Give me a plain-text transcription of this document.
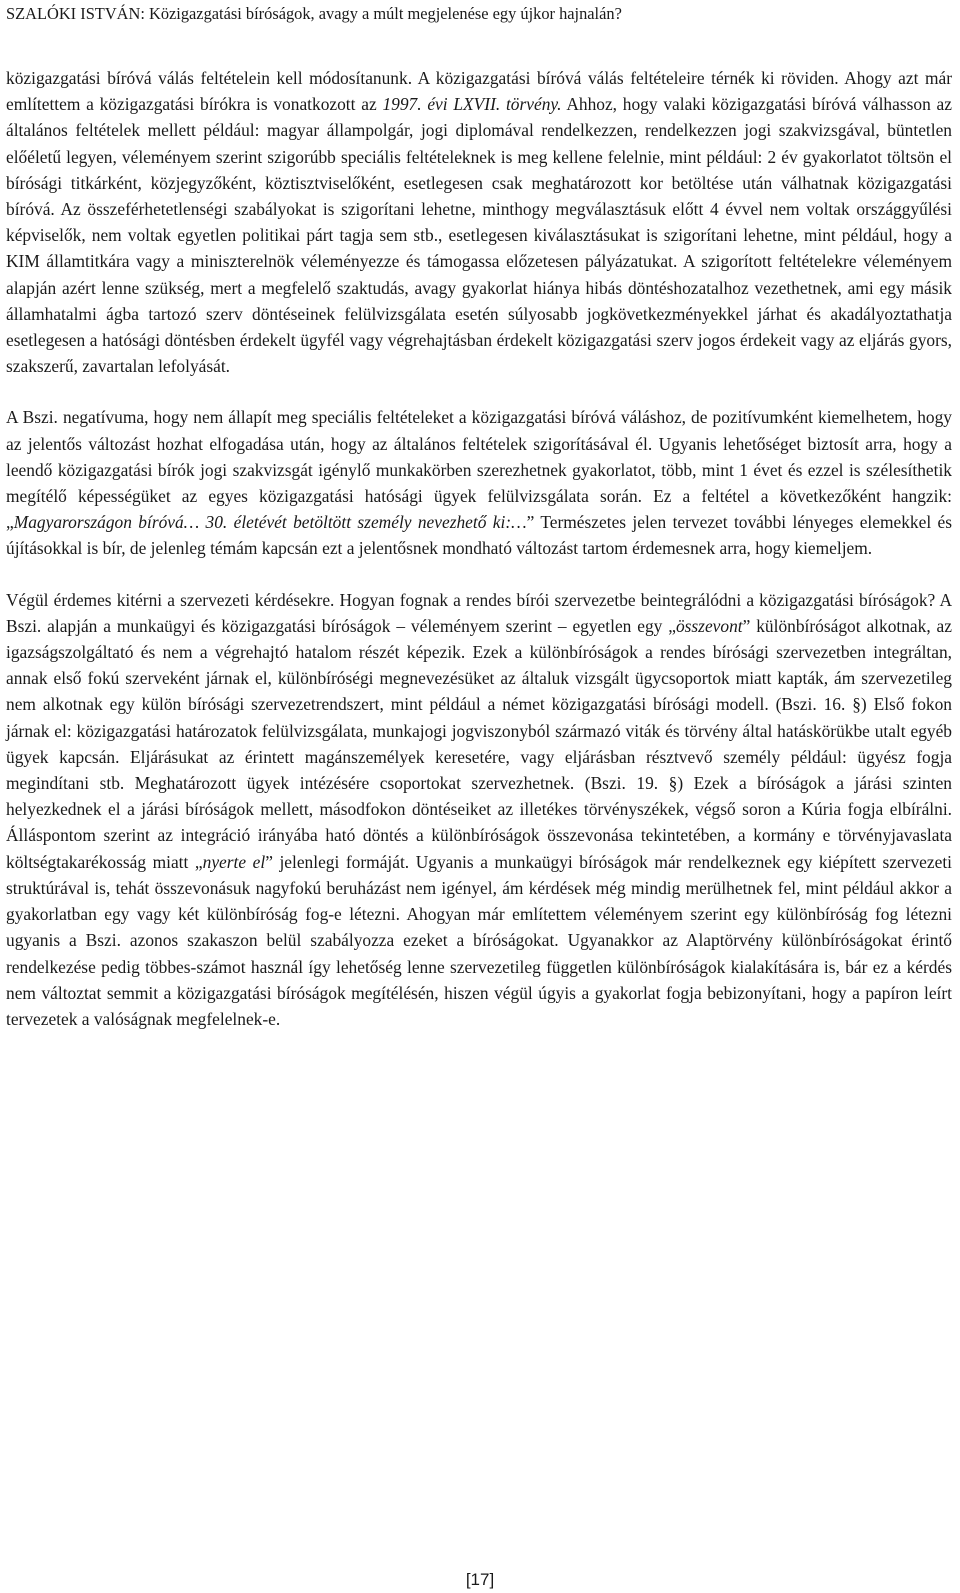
SZALÓKI ISTVÁN: Közigazgatási bíróságok, avagy a múlt megjelenése egy újkor hajnalán?

közigazgatási bíróvá válás feltételein kell módosítanunk. A közigazgatási bíróvá válás feltételeire térnék ki röviden. Ahogy azt már említettem a közigazgatási bírókra is vonatkozott az 1997. évi LXVII. törvény. Ahhoz, hogy valaki közigazgatási bíróvá válhasson az általános feltételek mellett például: magyar állampolgár, jogi diplomával rendelkezzen, rendelkezzen jogi szakvizsgával, büntetlen előéletű legyen, véleményem szerint szigorúbb speciális feltételeknek is meg kellene felelnie, mint például: 2 év gyakorlatot töltsön el bírósági titkárként, közjegyzőként, köztisztviselőként, esetlegesen csak meghatározott kor betöltése után válhatnak közigazgatási bíróvá. Az összeférhetetlenségi szabályokat is szigorítani lehetne, minthogy megválasztásuk előtt 4 évvel nem voltak országgyűlési képviselők, nem voltak egyetlen politikai párt tagja sem stb., esetlegesen kiválasztásukat is szigorítani lehetne, mint például, hogy a KIM államtitkára vagy a miniszterelnök véleményezze és támogassa előzetesen pályázatukat. A szigorított feltételekre véleményem alapján azért lenne szükség, mert a megfelelő szaktudás, avagy gyakorlat hiánya hibás döntéshozatalhoz vezethetnek, ami egy másik államhatalmi ágba tartozó szerv döntéseinek felülvizsgálata esetén súlyosabb jogkövetkezményekkel járhat és akadályoztathatja esetlegesen a hatósági döntésben érdekelt ügyfél vagy végrehajtásban érdekelt közigazgatási szerv jogos érdekeit vagy az eljárás gyors, szakszerű, zavartalan lefolyását.

A Bszi. negatívuma, hogy nem állapít meg speciális feltételeket a közigazgatási bíróvá váláshoz, de pozitívumként kiemelhetem, hogy az jelentős változást hozhat elfogadása után, hogy az általános feltételek szigorításával él. Ugyanis lehetőséget biztosít arra, hogy a leendő közigazgatási bírók jogi szakvizsgát igénylő munkakörben szerezhetnek gyakorlatot, több, mint 1 évet és ezzel is szélesíthetik megítélő képességüket az egyes közigazgatási hatósági ügyek felülvizsgálata során. Ez a feltétel a következőként hangzik: „Magyarországon bíróvá… 30. életévét betöltött személy nevezhető ki:…” Természetes jelen tervezet további lényeges elemekkel és újításokkal is bír, de jelenleg témám kapcsán ezt a jelentősnek mondható változást tartom érdemesnek arra, hogy kiemeljem.

Végül érdemes kitérni a szervezeti kérdésekre. Hogyan fognak a rendes bírói szervezetbe beintegrálódni a közigazgatási bíróságok? A Bszi. alapján a munkaügyi és közigazgatási bíróságok – véleményem szerint – egyetlen egy „összevont” különbíróságot alkotnak, az igazságszolgáltató és nem a végrehajtó hatalom részét képezik. Ezek a különbíróságok a rendes bírósági szervezetben integráltan, annak első fokú szerveként járnak el, különbíróségi megnevezésüket az általuk vizsgált ügycsoportok miatt kapták, ám szervezetileg nem alkotnak egy külön bírósági szervezetrendszert, mint például a német közigazgatási bírósági modell. (Bszi. 16. §) Első fokon járnak el: közigazgatási határozatok felülvizsgálata, munkajogi jogviszonyból származó viták és törvény által hatáskörükbe utalt egyéb ügyek kapcsán. Eljárásukat az érintett magánszemélyek keresetére, vagy eljárásban résztvevő személy például: ügyész fogja megindítani stb. Meghatározott ügyek intézésére csoportokat szervezhetnek. (Bszi. 19. §) Ezek a bíróságok a járási szinten helyezkednek el a járási bíróságok mellett, másodfokon döntéseiket az illetékes törvényszékek, végső soron a Kúria fogja elbírálni. Álláspontom szerint az integráció irányába ható döntés a különbíróságok összevonása tekintetében, a kormány e törvényjavaslata költségtakarékosság miatt „nyerte el” jelenlegi formáját. Ugyanis a munkaügyi bíróságok már rendelkeznek egy kiépített szervezeti struktúrával is, tehát összevonásuk nagyfokú beruházást nem igényel, ám kérdések még mindig merülhetnek fel, mint például akkor a gyakorlatban egy vagy két különbíróság fog-e létezni. Ahogyan már említettem véleményem szerint egy különbíróság fog létezni ugyanis a Bszi. azonos szakaszon belül szabályozza ezeket a bíróságokat. Ugyanakkor az Alaptörvény különbíróságokat érintő rendelkezése pedig többes-számot használ így lehetőség lenne szervezetileg független különbíróságok kialakítására is, bár ez a kérdés nem változtat semmit a közigazgatási bíróságok megítélésén, hiszen végül úgyis a gyakorlat fogja bebizonyítani, hogy a papíron leírt tervezetek a valóságnak megfelelnek-e.

[17]
